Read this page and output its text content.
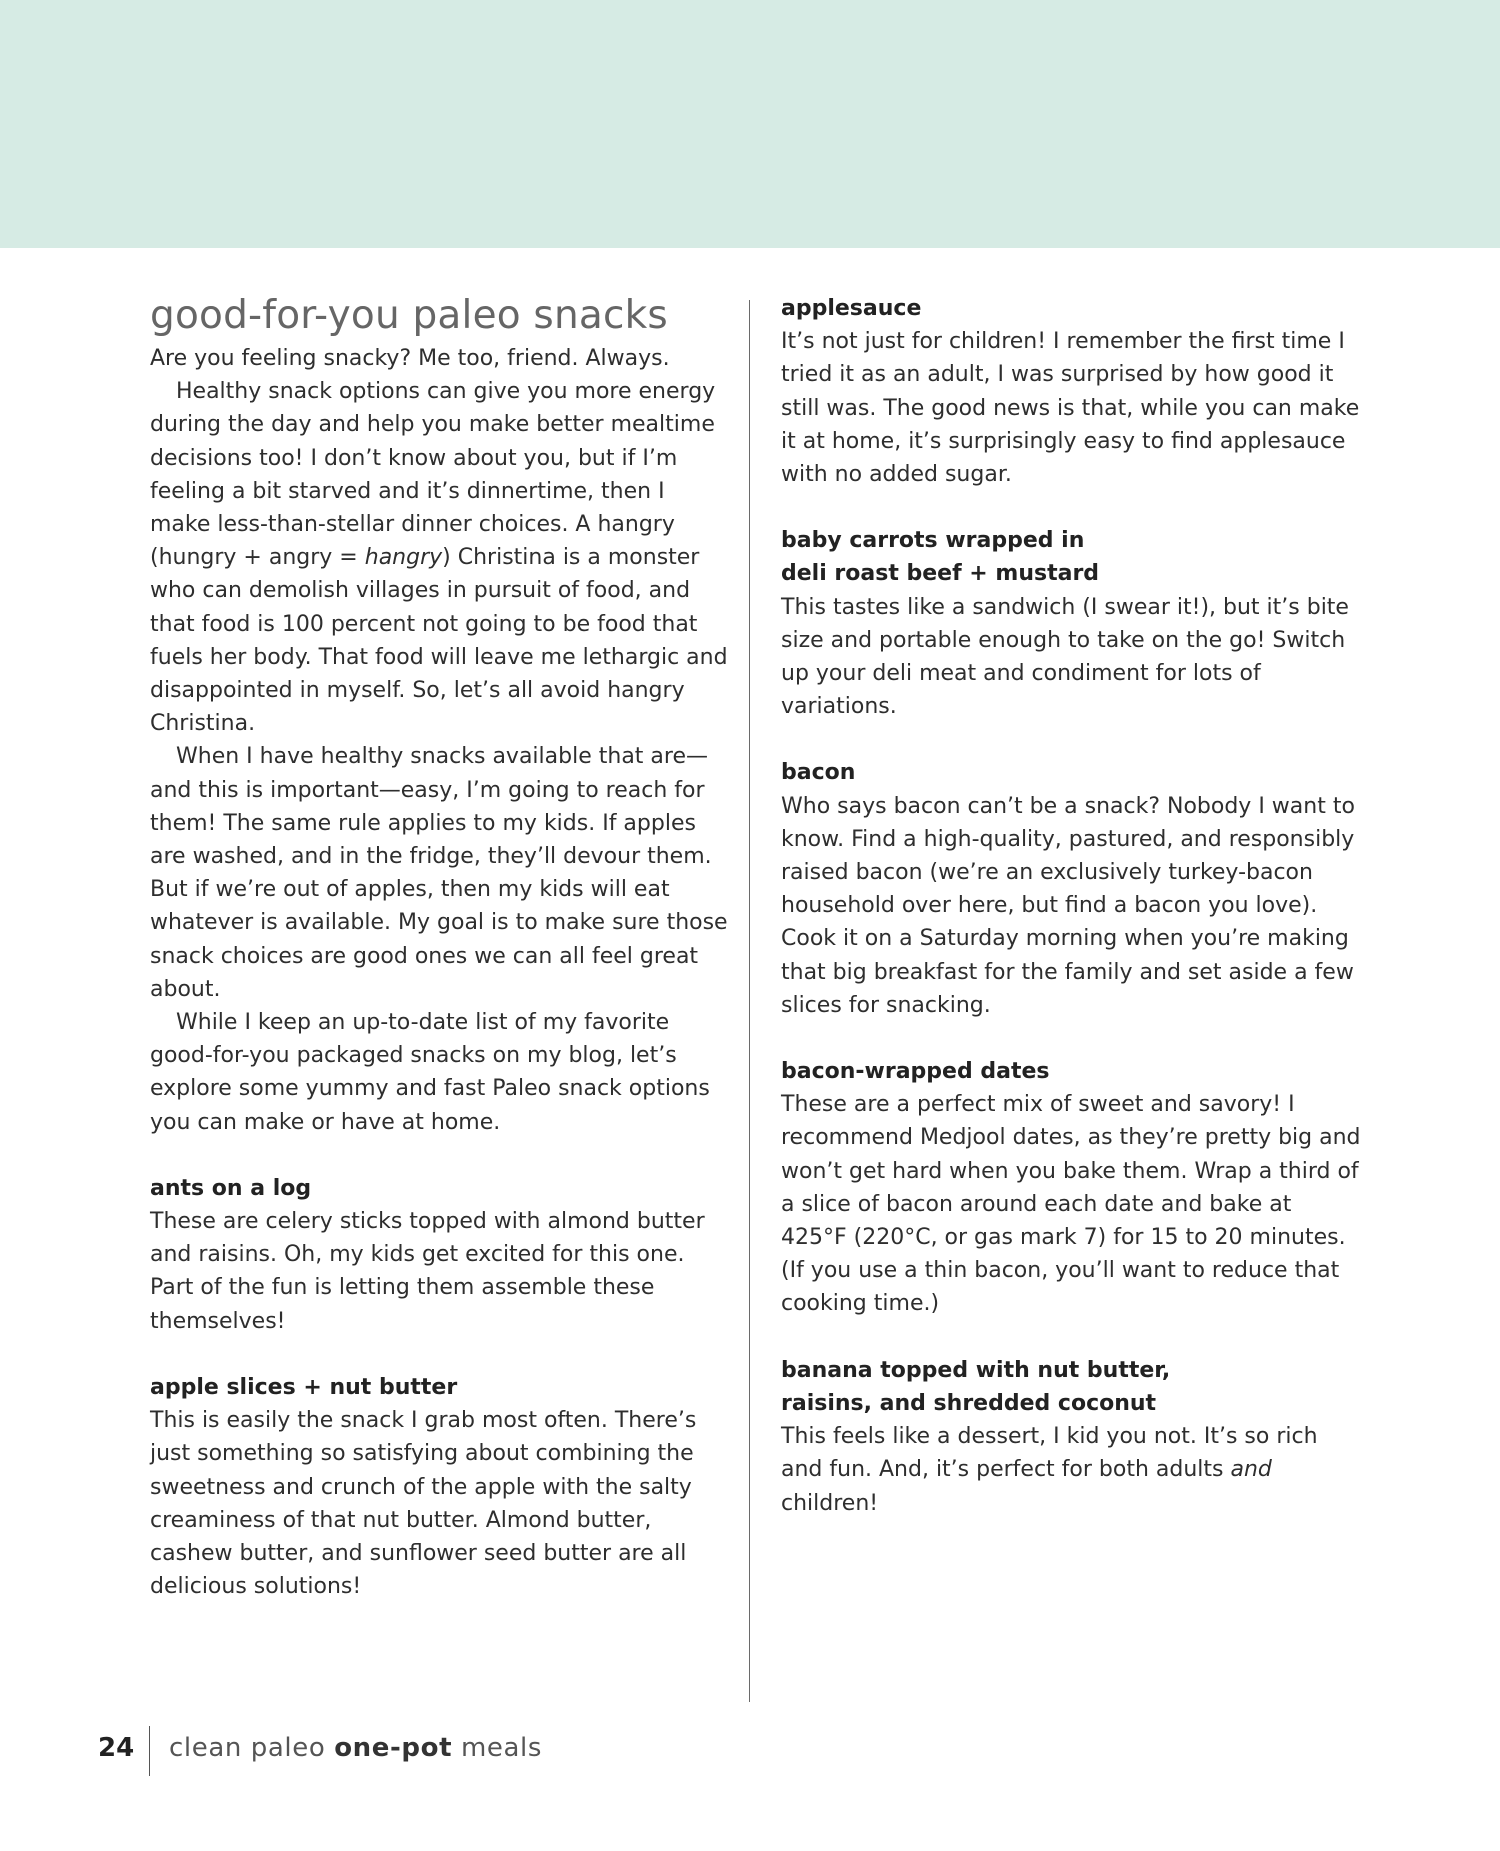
good-for-you paleo snacks

Are you feeling snacky? Me too, friend. Always.

Healthy snack options can give you more energy during the day and help you make better mealtime decisions too! I don’t know about you, but if I’m feeling a bit starved and it’s dinnertime, then I make less-than-stellar dinner choices. A hangry (hungry + angry = hangry) Christina is a monster who can demolish villages in pursuit of food, and that food is 100 percent not going to be food that fuels her body. That food will leave me lethargic and disappointed in myself. So, let’s all avoid hangry Christina.

When I have healthy snacks available that are—and this is important—easy, I’m going to reach for them! The same rule applies to my kids. If apples are washed, and in the fridge, they’ll devour them. But if we’re out of apples, then my kids will eat whatever is available. My goal is to make sure those snack choices are good ones we can all feel great about.

While I keep an up-to-date list of my favorite good-for-you packaged snacks on my blog, let’s explore some yummy and fast Paleo snack options you can make or have at home.

ants on a log

These are celery sticks topped with almond butter and raisins. Oh, my kids get excited for this one. Part of the fun is letting them assemble these themselves!

apple slices + nut butter

This is easily the snack I grab most often. There’s just something so satisfying about combining the sweetness and crunch of the apple with the salty creaminess of that nut butter. Almond butter, cashew butter, and sunflower seed butter are all delicious solutions!

applesauce

It’s not just for children! I remember the first time I tried it as an adult, I was surprised by how good it still was. The good news is that, while you can make it at home, it’s surprisingly easy to find applesauce with no added sugar.

baby carrots wrapped in

deli roast beef + mustard

This tastes like a sandwich (I swear it!), but it’s bite size and portable enough to take on the go! Switch up your deli meat and condiment for lots of variations.

bacon

Who says bacon can’t be a snack? Nobody I want to know. Find a high-quality, pastured, and responsibly raised bacon (we’re an exclusively turkey-bacon household over here, but find a bacon you love). Cook it on a Saturday morning when you’re making that big breakfast for the family and set aside a few slices for snacking.

bacon-wrapped dates

These are a perfect mix of sweet and savory! I recommend Medjool dates, as they’re pretty big and won’t get hard when you bake them. Wrap a third of a slice of bacon around each date and bake at 425°F (220°C, or gas mark 7) for 15 to 20 minutes. (If you use a thin bacon, you’ll want to reduce that cooking time.)

banana topped with nut butter,

raisins, and shredded coconut

This feels like a dessert, I kid you not. It’s so rich and fun. And, it’s perfect for both adults and children!

24 clean paleo one-pot meals
